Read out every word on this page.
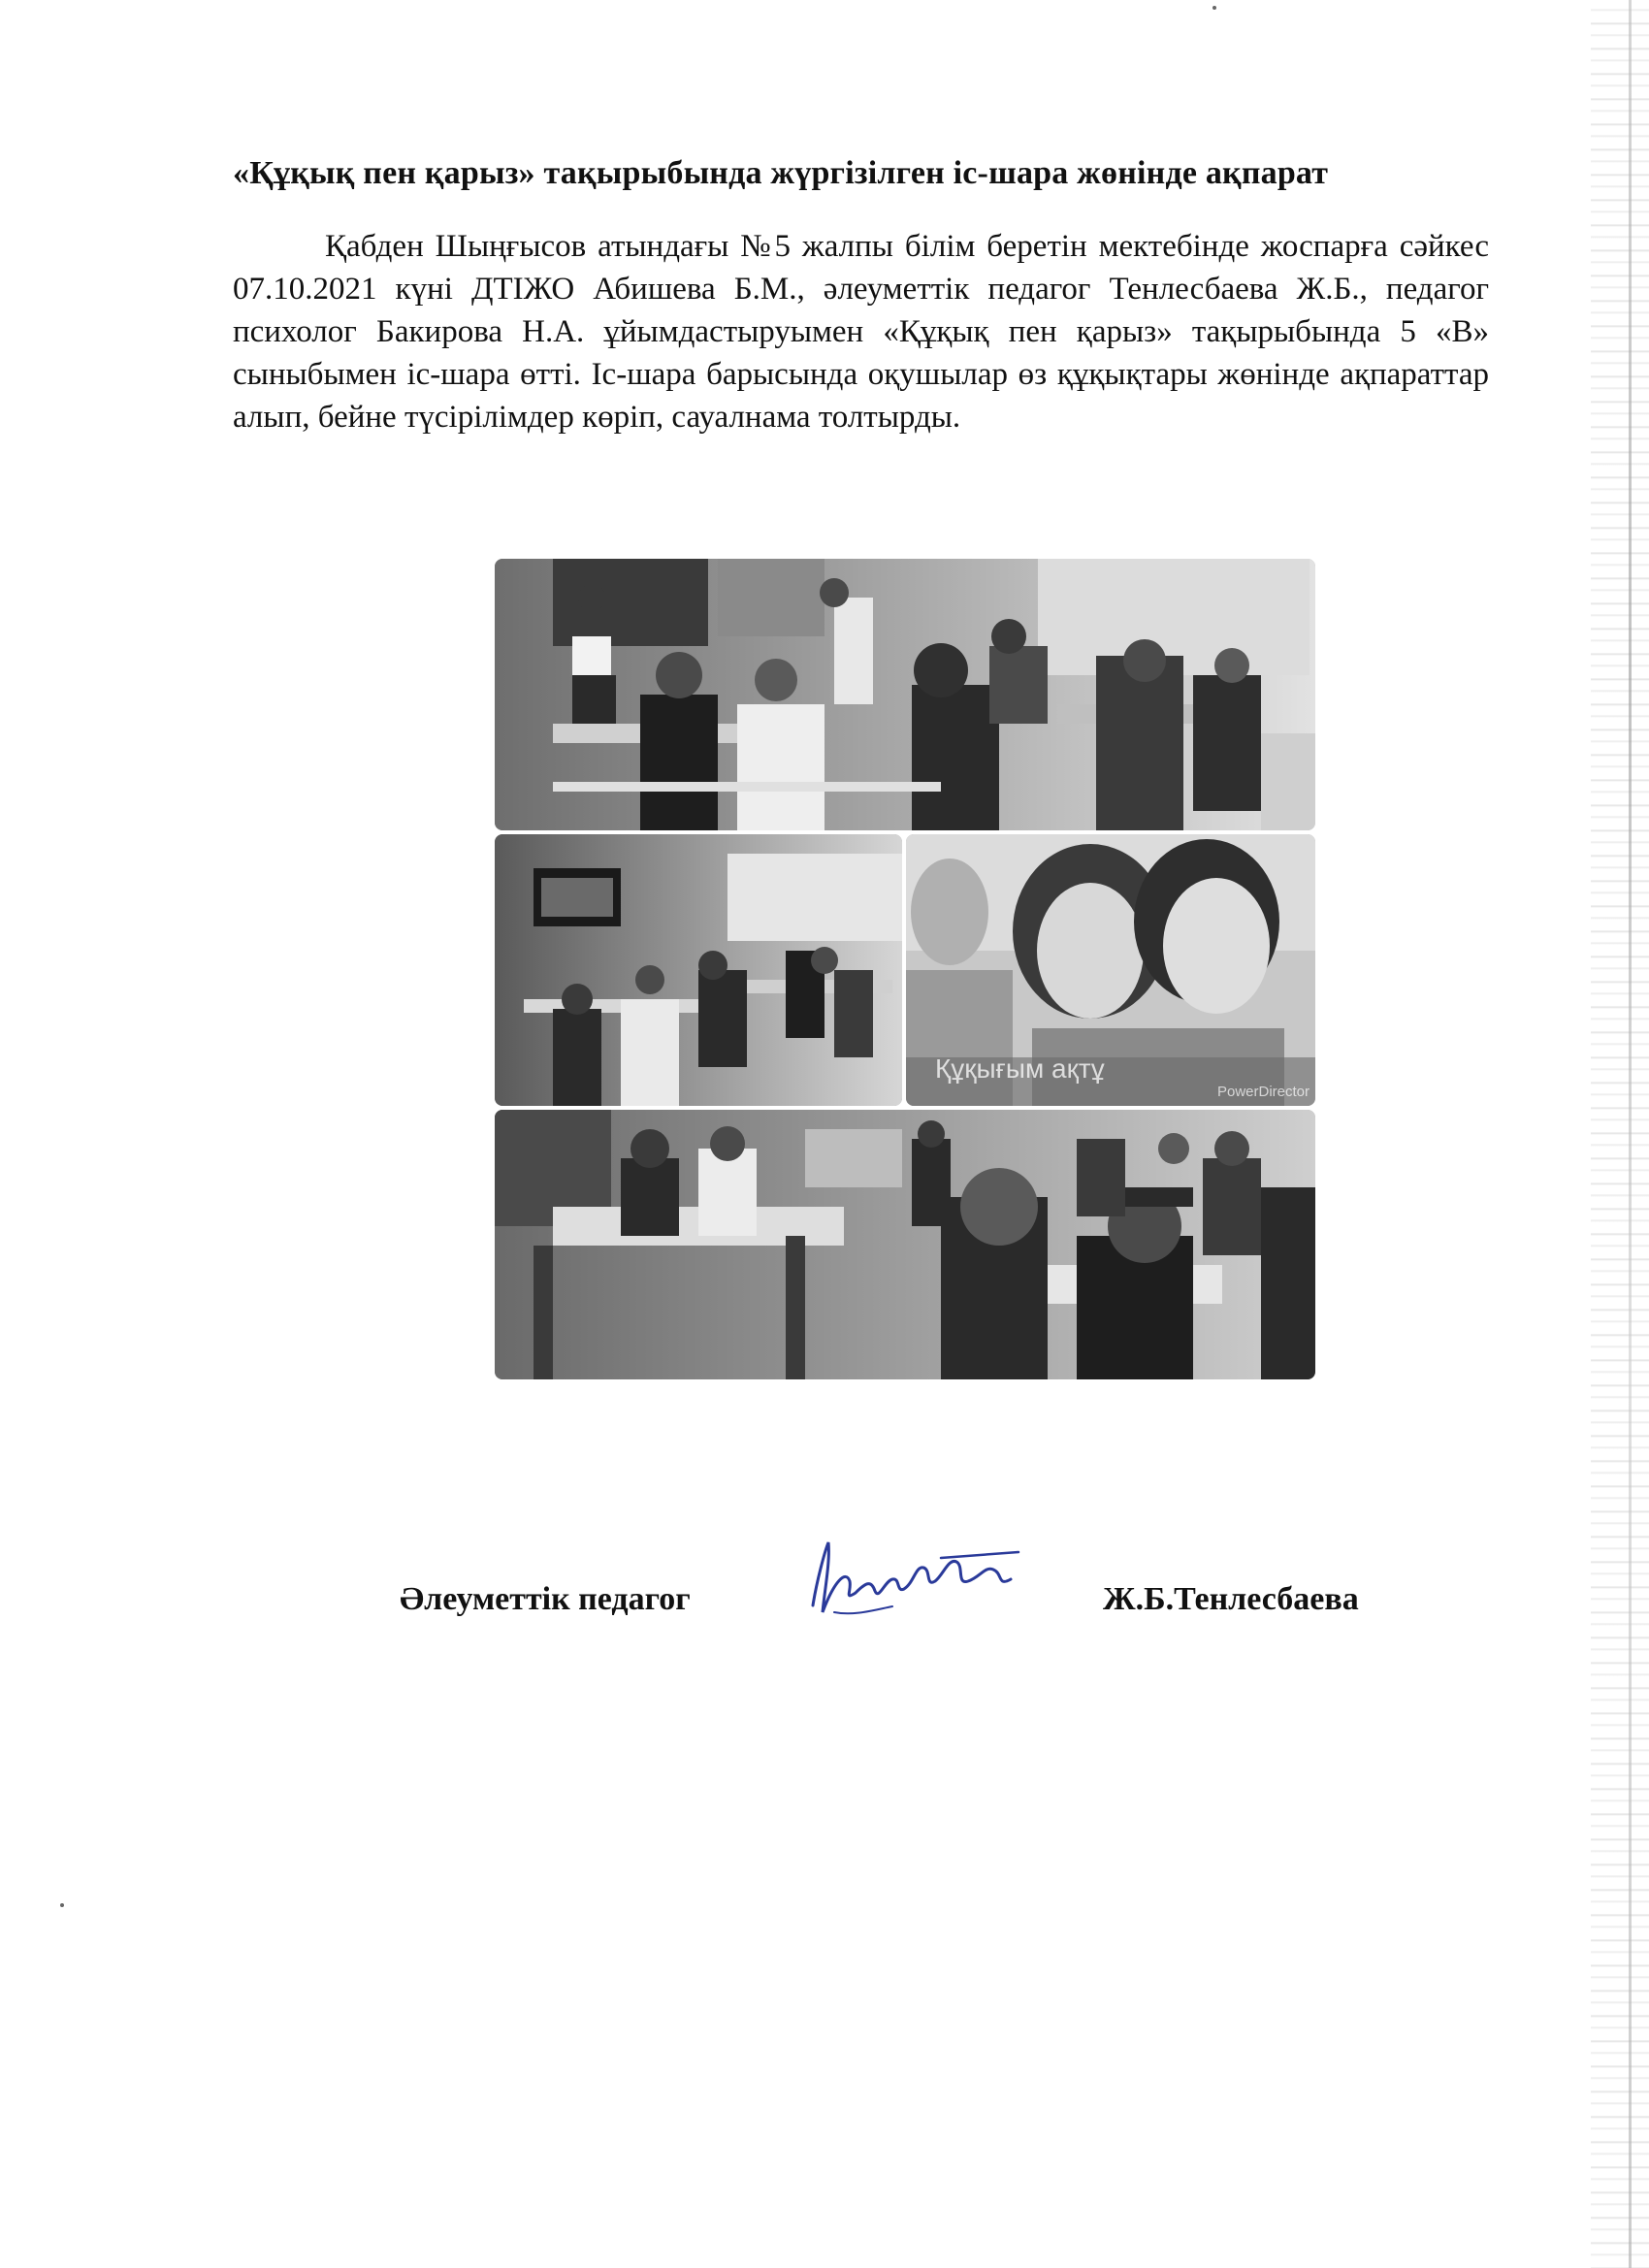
«Құқық пен қарыз» тақырыбында жүргізілген іс-шара жөнінде ақпарат
Қабден Шыңғысов атындағы №5 жалпы білім беретін мектебінде жоспарға сәйкес 07.10.2021 күні ДТІЖО Абишева Б.М., әлеуметтік педагог Тенлесбаева Ж.Б., педагог психолог Бакирова Н.А. ұйымдастыруымен «Құқық пен қарыз» тақырыбында 5 «В» сыныбымен іс-шара өтті. Іс-шара барысында оқушылар өз құқықтары жөнінде ақпараттар алып, бейне түсірілімдер көріп, сауалнама толтырды.
Құқығым ақтұ
PowerDirector
Әлеуметтік педагог	Ж.Б.Тенлесбаева
